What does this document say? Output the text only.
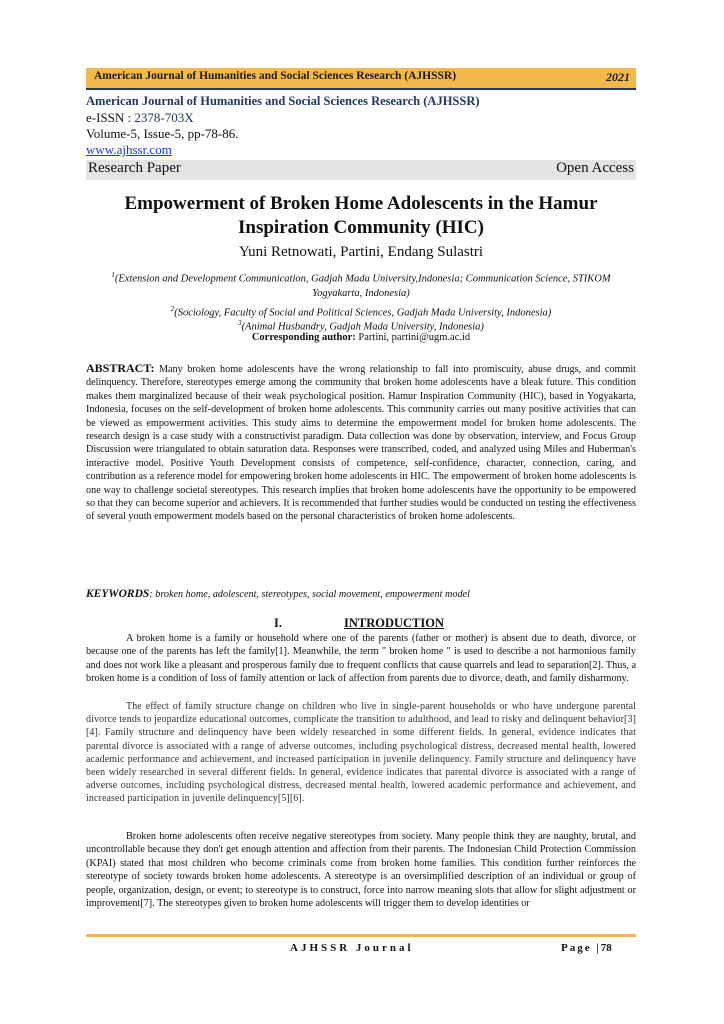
American Journal of Humanities and Social Sciences Research (AJHSSR)	2021
American Journal of Humanities and Social Sciences Research (AJHSSR)
e-ISSN : 2378-703X
Volume-5, Issue-5, pp-78-86.
www.ajhssr.com
Research Paper	Open Access
Empowerment of Broken Home Adolescents in the Hamur Inspiration Community (HIC)
Yuni Retnowati, Partini, Endang Sulastri
$^1$(Extension and Development Communication, Gadjah Mada University,Indonesia; Communication Science, STIKOM Yogyakarta, Indonesia)
$^2$(Sociology, Faculty of Social and Political Sciences, Gadjah Mada University, Indonesia)
$^3$(Animal Husbandry, Gadjah Mada University, Indonesia)
Corresponding author: Partini, partini@ugm.ac.id
ABSTRACT: Many broken home adolescents have the wrong relationship to fall into promiscuity, abuse drugs, and commit delinquency. Therefore, stereotypes emerge among the community that broken home adolescents have a bleak future. This condition makes them marginalized because of their weak psychological position. Hamur Inspiration Community (HIC), based in Yogyakarta, Indonesia, focuses on the self-development of broken home adolescents. This community carries out many positive activities that can be viewed as empowerment activities. This study aims to determine the empowerment model for broken home adolescents. The research design is a case study with a constructivist paradigm. Data collection was done by observation, interview, and Focus Group Discussion were triangulated to obtain saturation data. Responses were transcribed, coded, and analyzed using Miles and Huberman's interactive model. Positive Youth Development consists of competence, self-confidence, character, connection, caring, and contribution as a reference model for empowering broken home adolescents in HIC. The empowerment of broken home adolescents is one way to challenge societal stereotypes. This research implies that broken home adolescents have the opportunity to be empowered so that they can become superior and achievers. It is recommended that further studies would be conducted on testing the effectiveness of several youth empowerment models based on the personal characteristics of broken home adolescents.
KEYWORDS: broken home, adolescent, stereotypes, social movement, empowerment model
I.	INTRODUCTION
A broken home is a family or household where one of the parents (father or mother) is absent due to death, divorce, or because one of the parents has left the family[1]. Meanwhile, the term " broken home " is used to describe a not harmonious family and does not work like a pleasant and prosperous family due to frequent conflicts that cause quarrels and lead to separation[2]. Thus, a broken home is a condition of loss of family attention or lack of affection from parents due to divorce, death, and family disharmony.
The effect of family structure change on children who live in single-parent households or who have undergone parental divorce tends to jeopardize educational outcomes, complicate the transition to adulthood, and lead to risky and delinquent behavior[3] [4]. Family structure and delinquency have been widely researched in some different fields. In general, evidence indicates that parental divorce is associated with a range of adverse outcomes, including psychological distress, decreased mental health, lowered academic performance and achievement, and increased participation in juvenile delinquency. Family structure and delinquency have been widely researched in several different fields. In general, evidence indicates that parental divorce is associated with a range of adverse outcomes, including psychological distress, decreased mental health, lowered academic performance and achievement, and increased participation in juvenile delinquency[5][6].
Broken home adolescents often receive negative stereotypes from society. Many people think they are naughty, brutal, and uncontrollable because they don't get enough attention and affection from their parents. The Indonesian Child Protection Commission (KPAI) stated that most children who become criminals come from broken home families. This condition further reinforces the stereotype of society towards broken home adolescents. A stereotype is an oversimplified description of an individual or group of people, organization, design, or event; to stereotype is to construct, force into narrow meaning slots that allow for slight adjustment or improvement[7]. The stereotypes given to broken home adolescents will trigger them to develop identities or
AJHSSR Journal	Page |78
